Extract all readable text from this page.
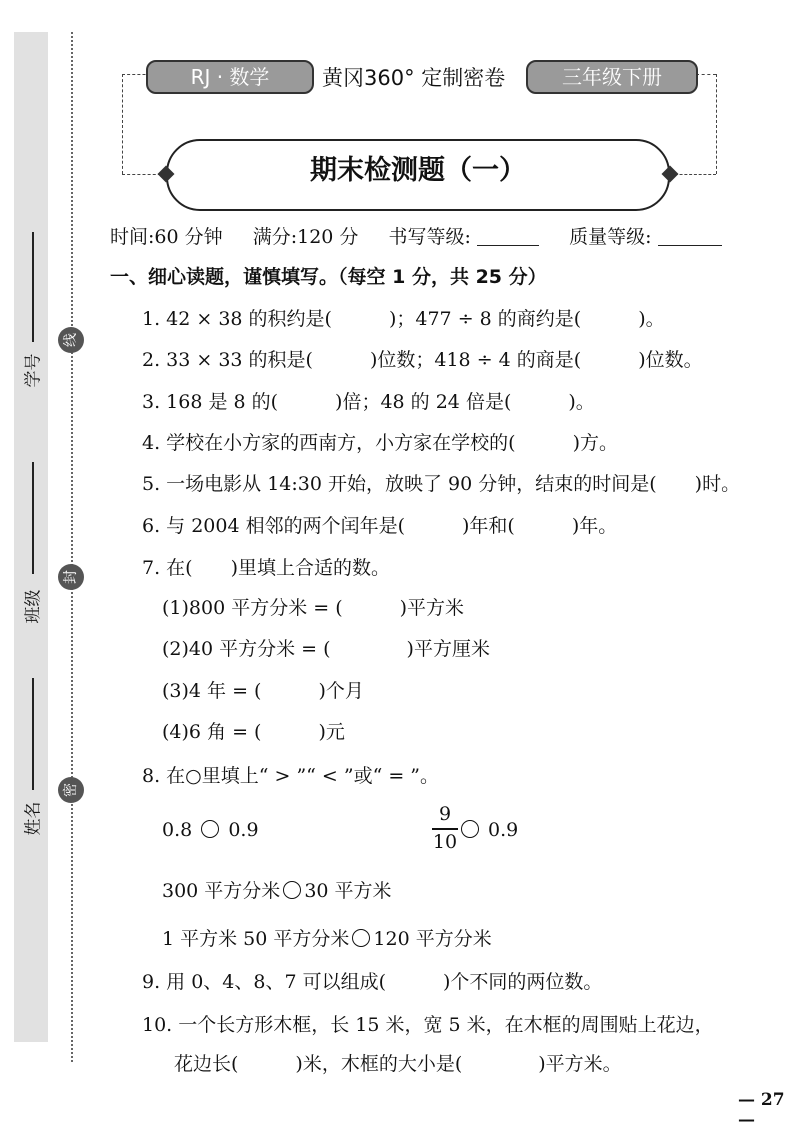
学号
班级
姓名
线
封
密
RJ · 数学	黄冈360° 定制密卷	三年级下册
期末检测题（一）
时间:60 分钟 满分:120 分 书写等级:	质量等级:
一、细心读题，谨慎填写。（每空 1 分，共 25 分）
1. 42 × 38 的积约是(　　　)；477 ÷ 8 的商约是(　　　)。
2. 33 × 33 的积是(　　　)位数；418 ÷ 4 的商是(　　　)位数。
3. 168 是 8 的(　　　)倍；48 的 24 倍是(　　　)。
4. 学校在小方家的西南方，小方家在学校的(　　　)方。
5. 一场电影从 14:30 开始，放映了 90 分钟，结束的时间是(　　)时。
6. 与 2004 相邻的两个闰年是(　　　)年和(　　　)年。
7. 在(　　)里填上合适的数。
(1)800 平方分米 = (　　　)平方米
(2)40 平方分米 = (　　　　)平方厘米
(3)4 年 = (　　　)个月
(4)6 角 = (　　　)元
8. 在○里填上“ > ”“ < ”或“ = ”。
0.8 0.9
9
10
0.9
300 平方分米 30 平方米
1 平方米 50 平方分米 120 平方分米
9. 用 0、4、8、7 可以组成(　　　)个不同的两位数。
10. 一个长方形木框，长 15 米，宽 5 米，在木框的周围贴上花边，
花边长(　　　)米，木框的大小是(　　　　)平方米。
— 27 —
